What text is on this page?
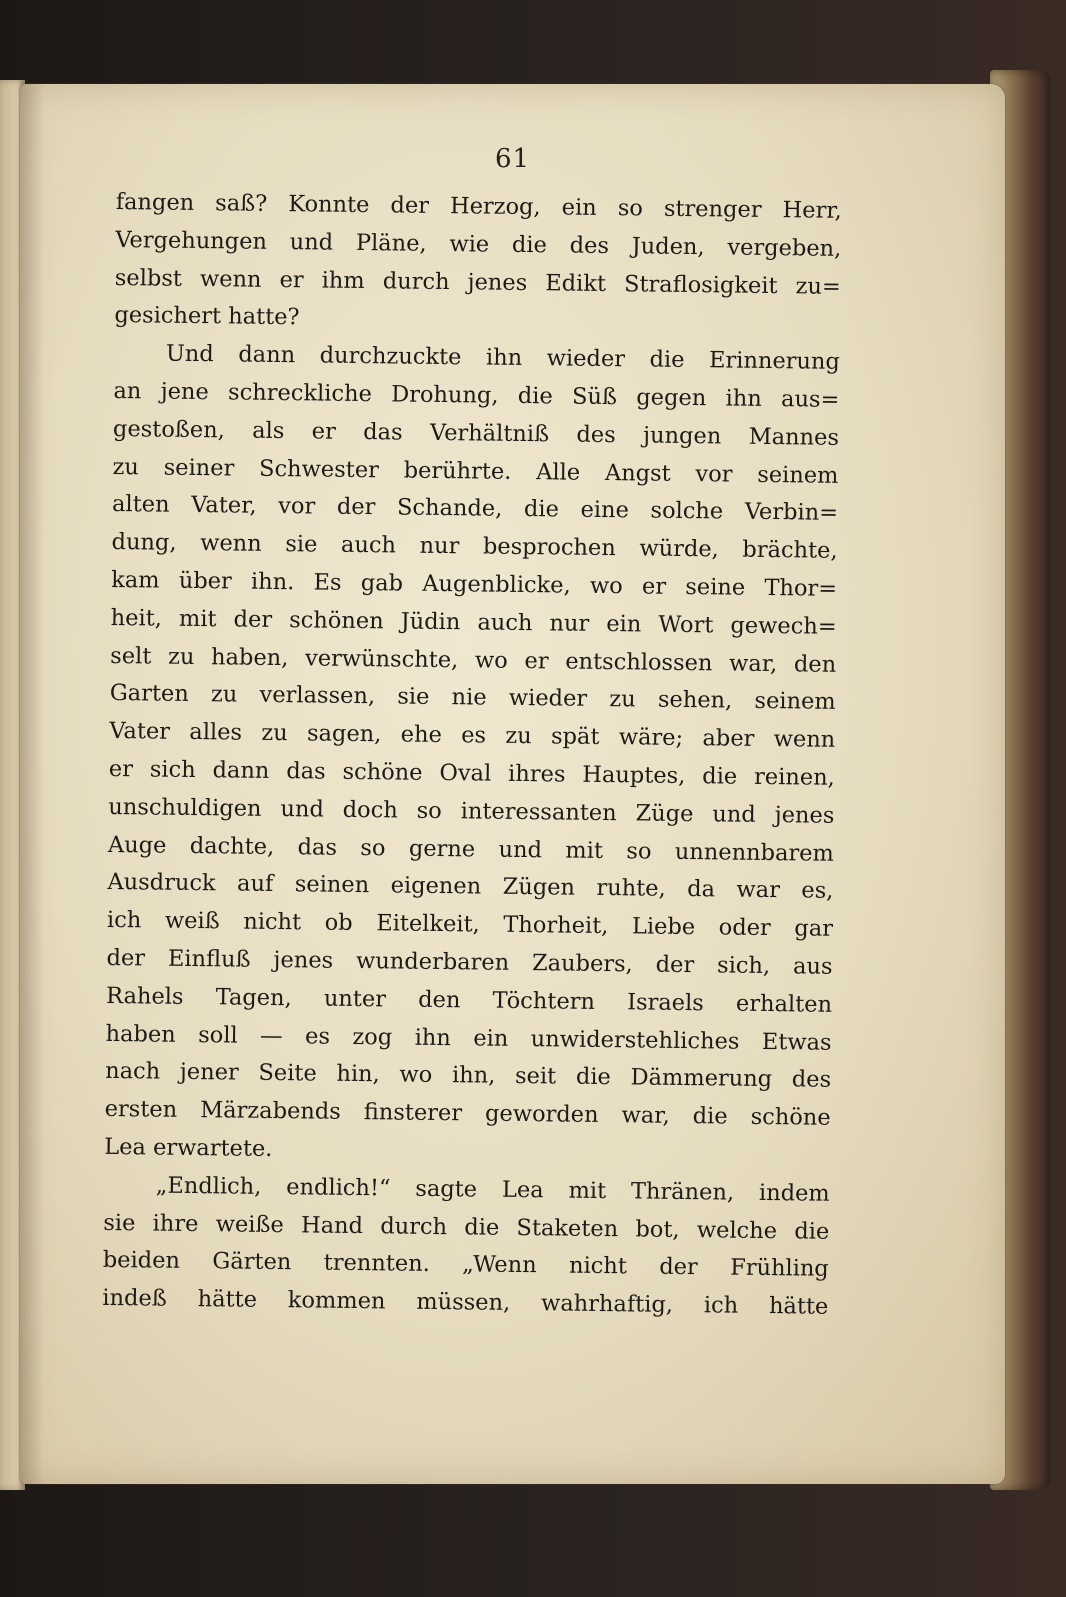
61
fangen saß? Konnte der Herzog, ein so strenger Herr,
Vergehungen und Pläne, wie die des Juden, vergeben,
selbst wenn er ihm durch jenes Edikt Straflosigkeit zu=
gesichert hatte?
Und dann durchzuckte ihn wieder die Erinnerung
an jene schreckliche Drohung, die Süß gegen ihn aus=
gestoßen, als er das Verhältniß des jungen Mannes
zu seiner Schwester berührte. Alle Angst vor seinem
alten Vater, vor der Schande, die eine solche Verbin=
dung, wenn sie auch nur besprochen würde, brächte,
kam über ihn. Es gab Augenblicke, wo er seine Thor=
heit, mit der schönen Jüdin auch nur ein Wort gewech=
selt zu haben, verwünschte, wo er entschlossen war, den
Garten zu verlassen, sie nie wieder zu sehen, seinem
Vater alles zu sagen, ehe es zu spät wäre; aber wenn
er sich dann das schöne Oval ihres Hauptes, die reinen,
unschuldigen und doch so interessanten Züge und jenes
Auge dachte, das so gerne und mit so unnennbarem
Ausdruck auf seinen eigenen Zügen ruhte, da war es,
ich weiß nicht ob Eitelkeit, Thorheit, Liebe oder gar
der Einfluß jenes wunderbaren Zaubers, der sich, aus
Rahels Tagen, unter den Töchtern Israels erhalten
haben soll — es zog ihn ein unwiderstehliches Etwas
nach jener Seite hin, wo ihn, seit die Dämmerung des
ersten Märzabends finsterer geworden war, die schöne
Lea erwartete.
„Endlich, endlich!“ sagte Lea mit Thränen, indem
sie ihre weiße Hand durch die Staketen bot, welche die
beiden Gärten trennten. „Wenn nicht der Frühling
indeß hätte kommen müssen, wahrhaftig, ich hätte
